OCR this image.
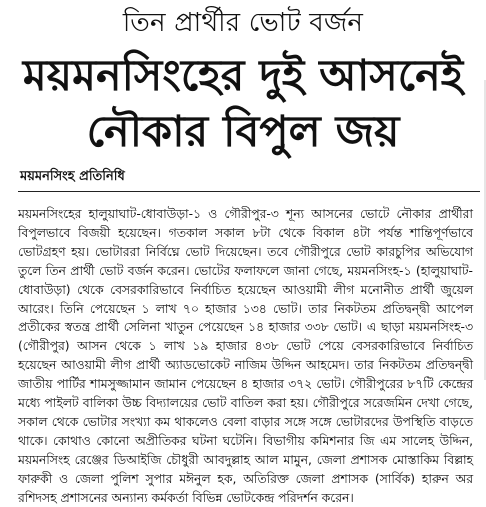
তিন প্রার্থীর ভোট বর্জন
ময়মনসিংহের দুই আসনেই
নৌকার বিপুল জয়
ময়মনসিংহ প্রতিনিধি

ময়মনসিংহের হালুয়াঘাট-ধোবাউড়া-১ ও গৌরীপুর-৩ শূন্য আসনের ভোটে নৌকার প্রার্থীরা বিপুলভাবে বিজয়ী হয়েছেন। গতকাল সকাল ৮টা থেকে বিকাল ৪টা পর্যন্ত শান্তিপূর্ণভাবে ভোটগ্রহণ হয়। ভোটাররা নির্বিঘ্নে ভোট দিয়েছেন। তবে গৌরীপুরে ভোট কারচুপির অভিযোগ তুলে তিন প্রার্থী ভোট বর্জন করেন। ভোটের ফলাফলে জানা গেছে, ময়মনসিংহ-১ (হালুয়াঘাট-ধোবাউড়া) থেকে বেসরকারিভাবে নির্বাচিত হয়েছেন আওয়ামী লীগ মনোনীত প্রার্থী জুয়েল আরেং। তিনি পেয়েছেন ১ লাখ ৭০ হাজার ১৩৪ ভোট। তার নিকটতম প্রতিদ্বন্দ্বী আপেল প্রতীকের স্বতন্ত্র প্রার্থী সেলিনা খাতুন পেয়েছেন ১৪ হাজার ৩৩৮ ভোট। এ ছাড়া ময়মনসিংহ-৩ (গৌরীপুর) আসন থেকে ১ লাখ ১৯ হাজার ৪৩৮ ভোট পেয়ে বেসরকারিভাবে নির্বাচিত হয়েছেন আওয়ামী লীগ প্রার্থী অ্যাডভোকেট নাজিম উদ্দিন আহমেদ। তার নিকটতম প্রতিদ্বন্দ্বী জাতীয় পার্টির শামসুজ্জামান জামান পেয়েছেন ৪ হাজার ৩৭২ ভোট। গৌরীপুরের ৮৭টি কেন্দ্রের মধ্যে পাইলট বালিকা উচ্চ বিদ্যালয়ের ভোট বাতিল করা হয়। গৌরীপুরে সরেজমিন দেখা গেছে, সকাল থেকে ভোটার সংখ্যা কম থাকলেও বেলা বাড়ার সঙ্গে সঙ্গে ভোটারদের উপস্থিতি বাড়তে থাকে। কোথাও কোনো অপ্রীতিকর ঘটনা ঘটেনি। বিভাগীয় কমিশনার জি এম সালেহ উদ্দিন, ময়মনসিংহ রেঞ্জের ডিআইজি চৌধুরী আবদুল্লাহ আল মামুন, জেলা প্রশাসক মোস্তাকিম বিল্লাহ ফারুকী ও জেলা পুলিশ সুপার মঈনুল হক, অতিরিক্ত জেলা প্রশাসক (সার্বিক) হারুন অর রশিদসহ প্রশাসনের অন্যান্য কর্মকর্তা বিভিন্ন ভোটকেন্দ্র পরিদর্শন করেন।
